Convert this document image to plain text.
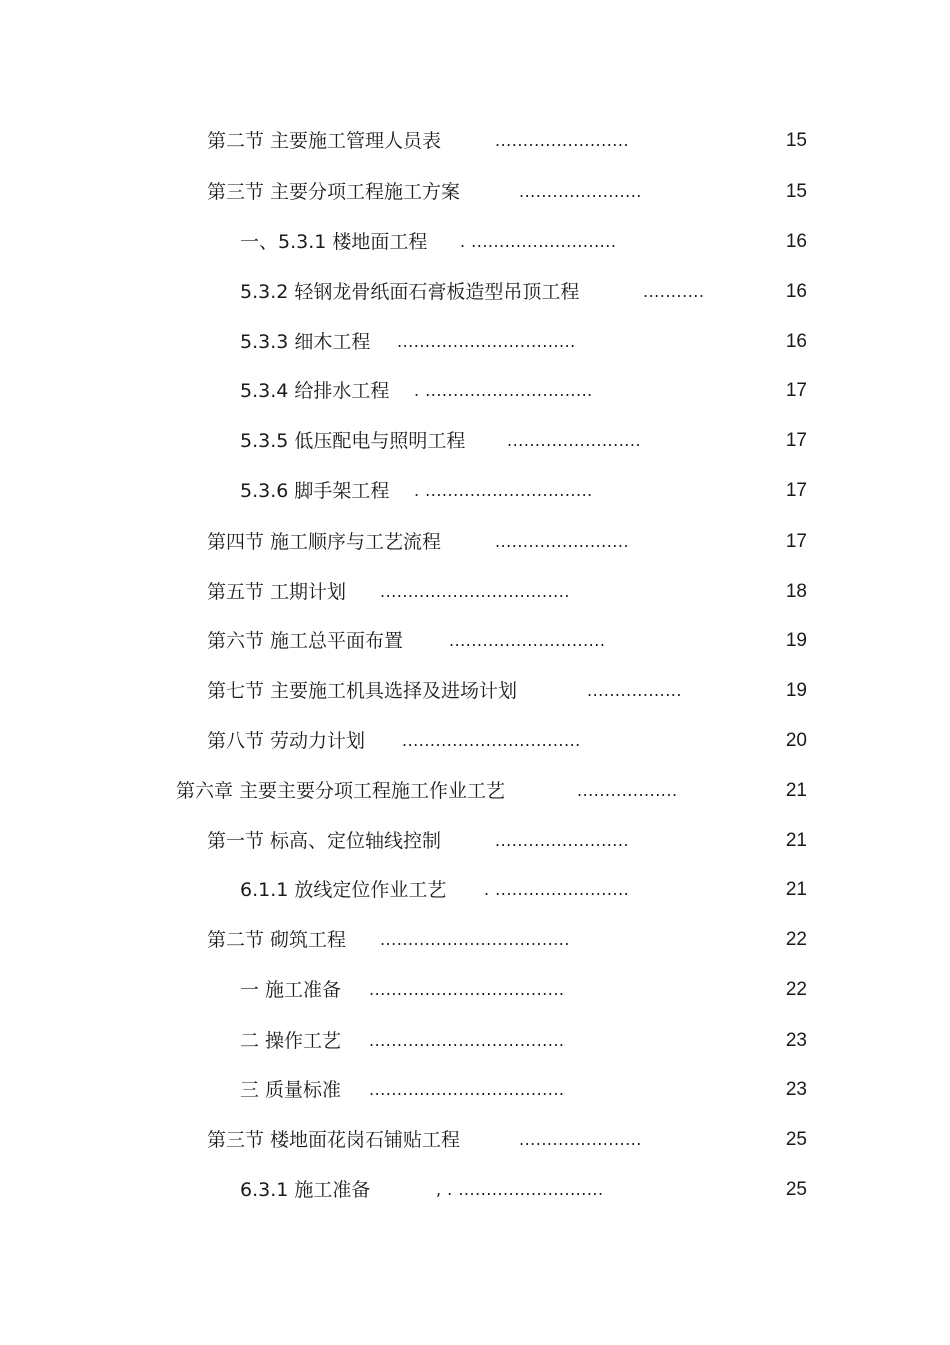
第二节 主要施工管理人员表	........................	15
第三节 主要分项工程施工方案	......................	15
一、5.3.1 楼地面工程 . ..........................	16
5.3.2 轻钢龙骨纸面石膏板造型吊顶工程	...........	16
5.3.3 细木工程 ................................	16
5.3.4 给排水工程 . ..............................	17
5.3.5 低压配电与照明工程	........................	17
5.3.6 脚手架工程 . ..............................	17
第四节 施工顺序与工艺流程	........................	17
第五节 工期计划 ..................................	18
第六节 施工总平面布置	............................	19
第七节 主要施工机具选择及进场计划	.................	19
第八节 劳动力计划 ................................	20
第六章 主要主要分项工程施工作业工艺	..................	21
第一节 标高、定位轴线控制	........................	21
6.1.1 放线定位作业工艺 . ........................	21
第二节 砌筑工程 ..................................	22
一 施工准备 ...................................	22
二 操作工艺 ...................................	23
三 质量标准 ...................................	23
第三节 楼地面花岗石铺贴工程	......................	25
6.3.1 施工准备	, . ..........................	25
